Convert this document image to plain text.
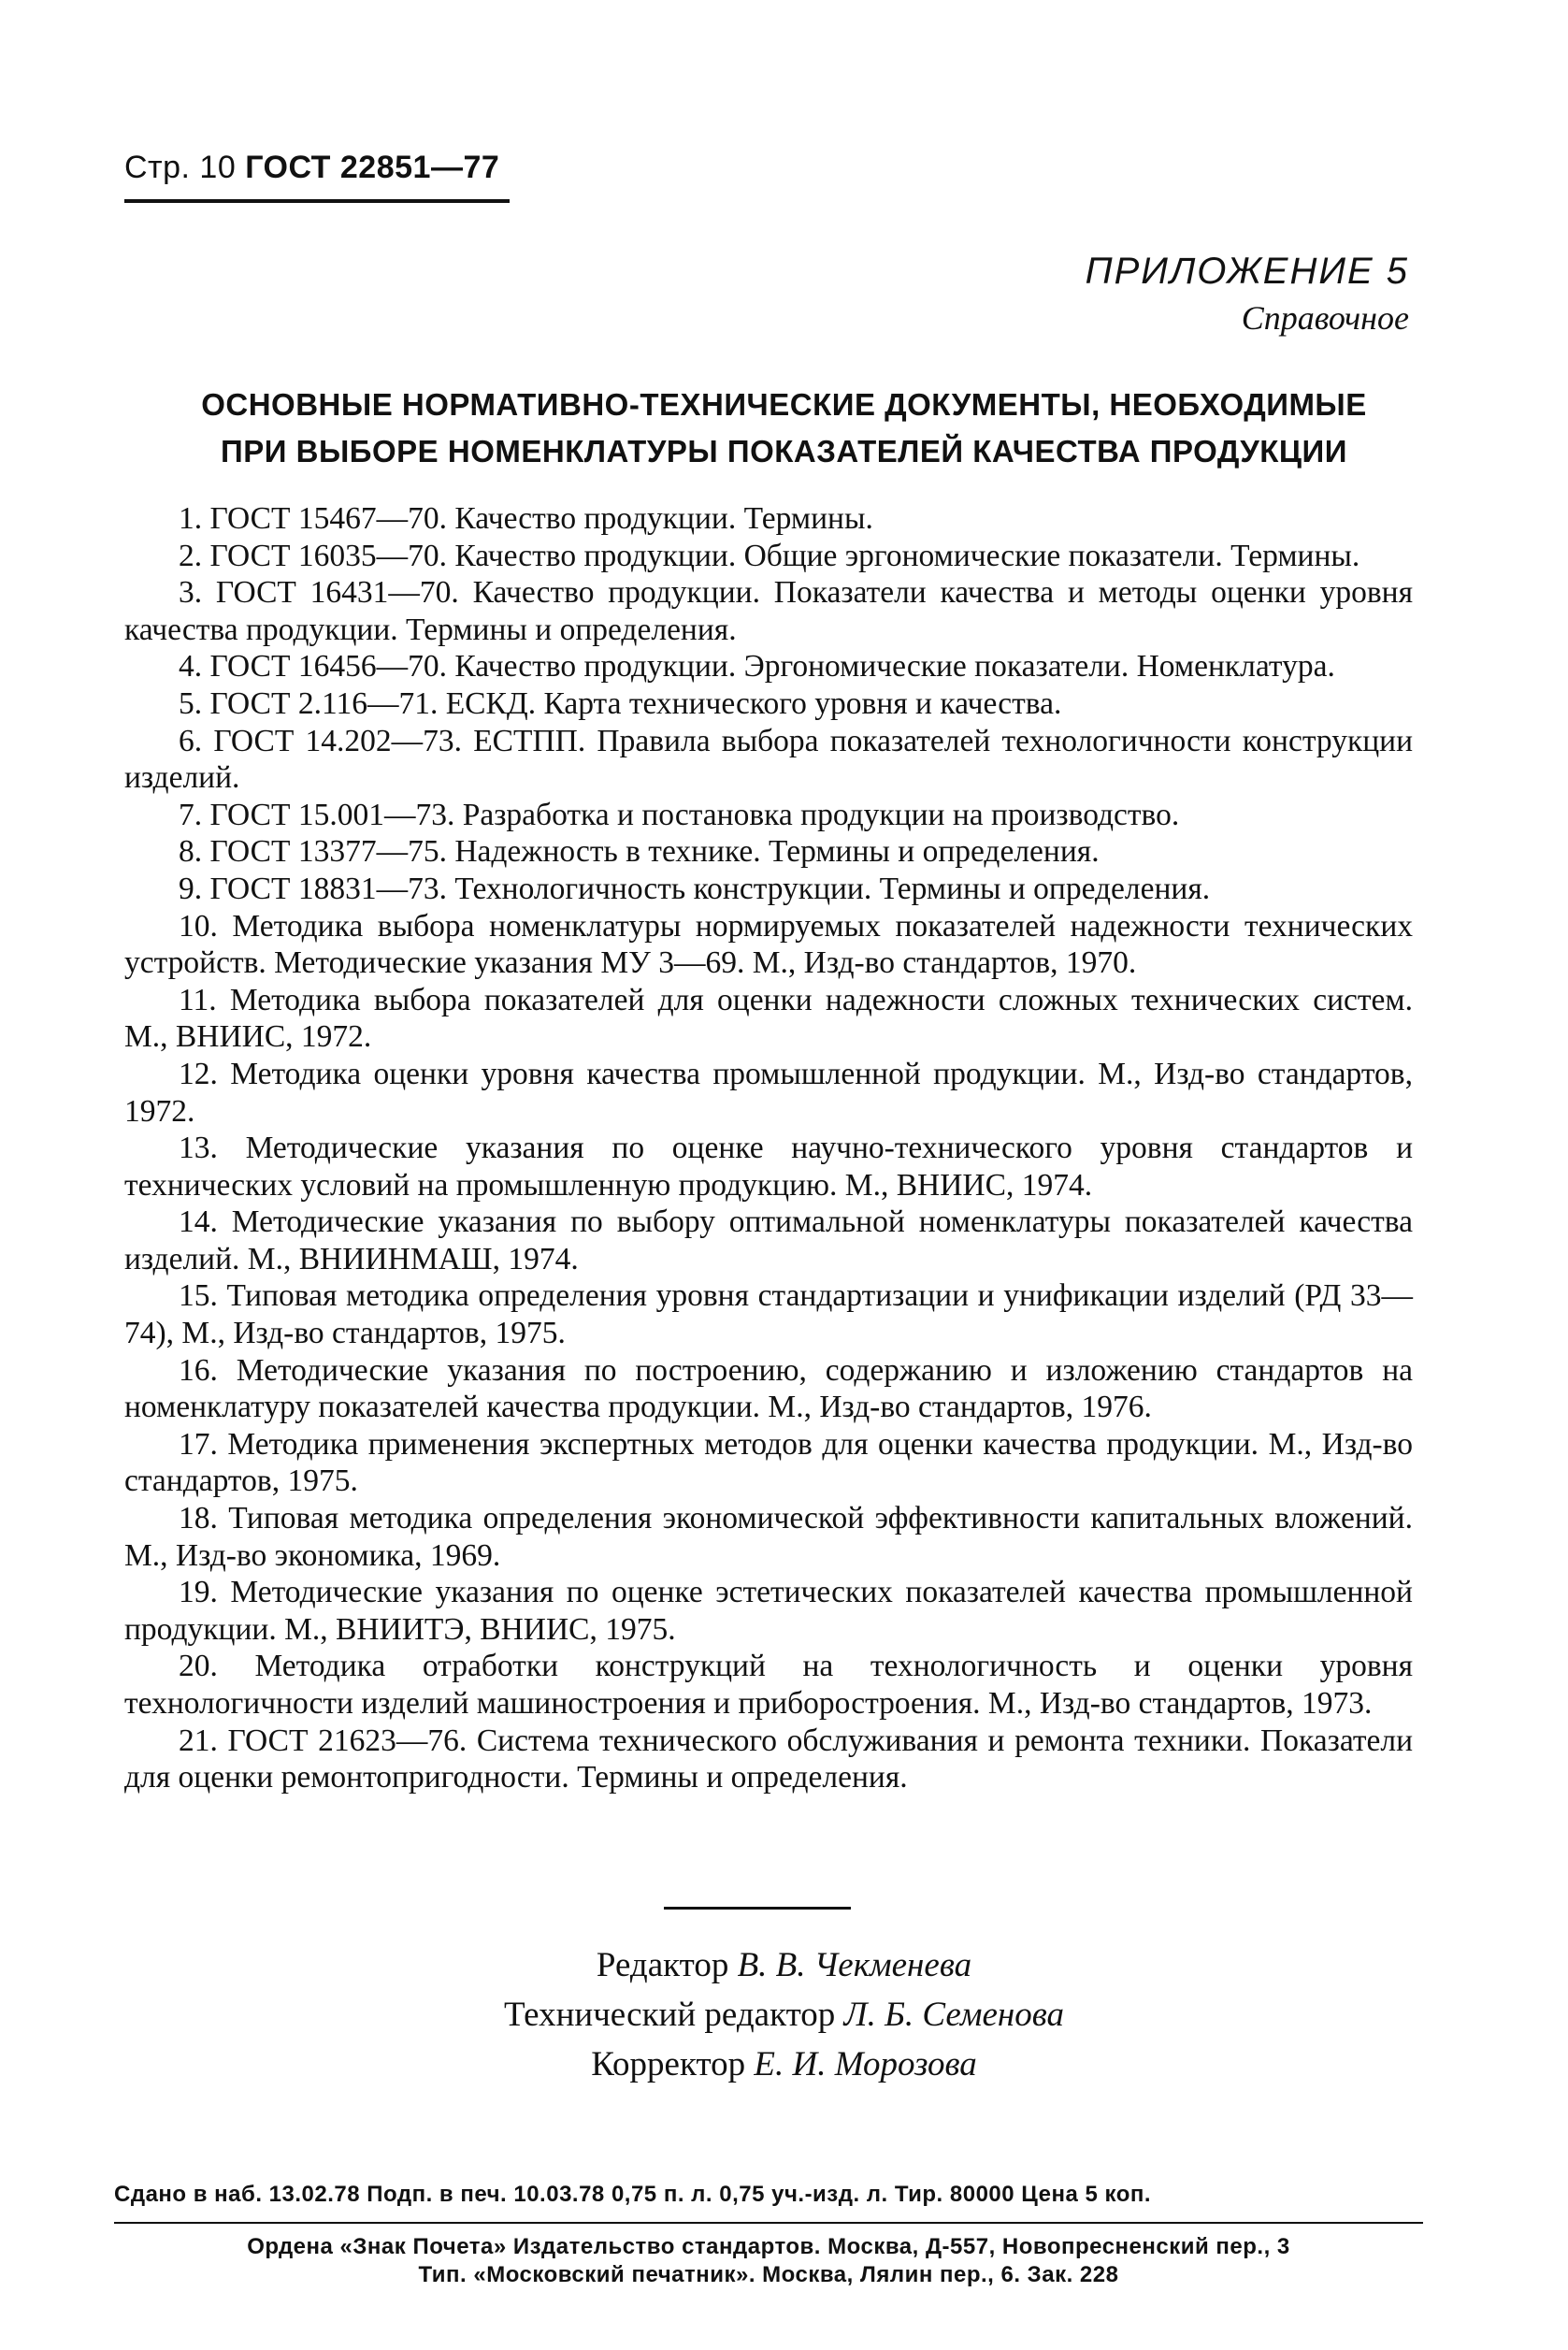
Стр. 10 ГОСТ 22851—77
ПРИЛОЖЕНИЕ 5
Справочное
ОСНОВНЫЕ НОРМАТИВНО-ТЕХНИЧЕСКИЕ ДОКУМЕНТЫ, НЕОБХОДИМЫЕ
ПРИ ВЫБОРЕ НОМЕНКЛАТУРЫ ПОКАЗАТЕЛЕЙ КАЧЕСТВА ПРОДУКЦИИ

1. ГОСТ 15467—70. Качество продукции. Термины.

2. ГОСТ 16035—70. Качество продукции. Общие эргономические показатели. Термины.

3. ГОСТ 16431—70. Качество продукции. Показатели качества и методы оценки уровня качества продукции. Термины и определения.

4. ГОСТ 16456—70. Качество продукции. Эргономические показатели. Номенклатура.

5. ГОСТ 2.116—71. ЕСКД. Карта технического уровня и качества.

6. ГОСТ 14.202—73. ЕСТПП. Правила выбора показателей технологичности конструкции изделий.

7. ГОСТ 15.001—73. Разработка и постановка продукции на производство.

8. ГОСТ 13377—75. Надежность в технике. Термины и определения.

9. ГОСТ 18831—73. Технологичность конструкции. Термины и определения.

10. Методика выбора номенклатуры нормируемых показателей надежности технических устройств. Методические указания МУ 3—69. М., Изд-во стандартов, 1970.

11. Методика выбора показателей для оценки надежности сложных технических систем. М., ВНИИС, 1972.

12. Методика оценки уровня качества промышленной продукции. М., Изд-во стандартов, 1972.

13. Методические указания по оценке научно-технического уровня стандартов и технических условий на промышленную продукцию. М., ВНИИС, 1974.

14. Методические указания по выбору оптимальной номенклатуры показателей качества изделий. М., ВНИИНМАШ, 1974.

15. Типовая методика определения уровня стандартизации и унификации изделий (РД 33—74), М., Изд-во стандартов, 1975.

16. Методические указания по построению, содержанию и изложению стандартов на номенклатуру показателей качества продукции. М., Изд-во стандартов, 1976.

17. Методика применения экспертных методов для оценки качества продукции. М., Изд-во стандартов, 1975.

18. Типовая методика определения экономической эффективности капитальных вложений. М., Изд-во экономика, 1969.

19. Методические указания по оценке эстетических показателей качества промышленной продукции. М., ВНИИТЭ, ВНИИС, 1975.

20. Методика отработки конструкций на технологичность и оценки уровня технологичности изделий машиностроения и приборостроения. М., Изд-во стандартов, 1973.

21. ГОСТ 21623—76. Система технического обслуживания и ремонта техники. Показатели для оценки ремонтопригодности. Термины и определения.

Редактор В. В. Чекменева
Технический редактор Л. Б. Семенова
Корректор Е. И. Морозова
Сдано в наб. 13.02.78 Подп. в печ. 10.03.78 0,75 п. л. 0,75 уч.-изд. л. Тир. 80000 Цена 5 коп.
Ордена «Знак Почета» Издательство стандартов. Москва, Д-557, Новопресненский пер., 3
Тип. «Московский печатник». Москва, Лялин пер., 6. Зак. 228
